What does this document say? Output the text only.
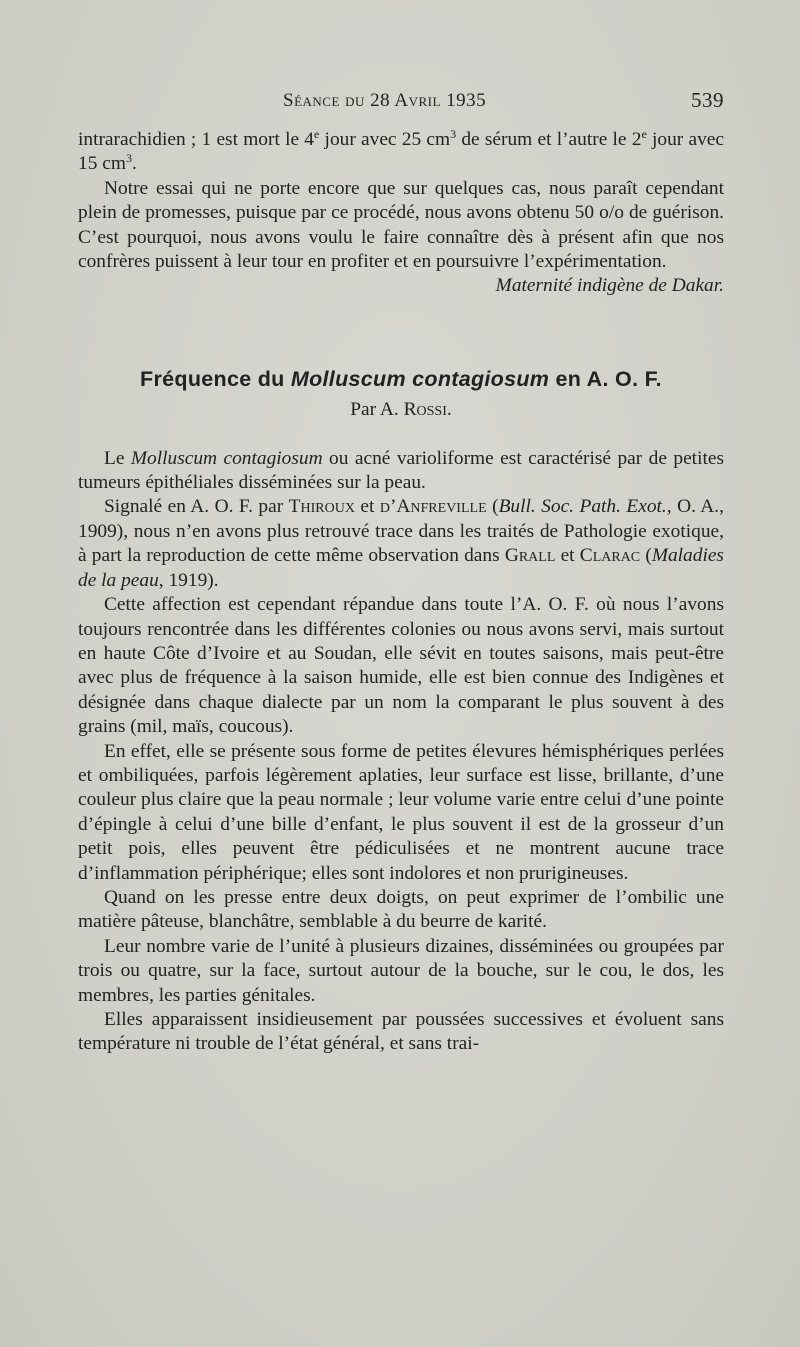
Séance du 28 Avril 1935	539

intrarachidien ; 1 est mort le 4e jour avec 25 $cm^3$ de sérum et l’autre le 2e jour avec 15 $cm^3$.

Notre essai qui ne porte encore que sur quelques cas, nous paraît cependant plein de promesses, puisque par ce procédé, nous avons obtenu 50 o/o de guérison. C’est pourquoi, nous avons voulu le faire connaître dès à présent afin que nos confrères puissent à leur tour en profiter et en poursuivre l’expérimentation.

Maternité indigène de Dakar.

Fréquence du Molluscum contagiosum en A. O. F.
Par A. Rossi.

Le Molluscum contagiosum ou acné varioliforme est caractérisé par de petites tumeurs épithéliales disséminées sur la peau.

Signalé en A. O. F. par Thiroux et d’Anfreville (Bull. Soc. Path. Exot., O. A., 1909), nous n’en avons plus retrouvé trace dans les traités de Pathologie exotique, à part la reproduction de cette même observation dans Grall et Clarac (Maladies de la peau, 1919).

Cette affection est cependant répandue dans toute l’A. O. F. où nous l’avons toujours rencontrée dans les différentes colonies ou nous avons servi, mais surtout en haute Côte d’Ivoire et au Soudan, elle sévit en toutes saisons, mais peut-être avec plus de fréquence à la saison humide, elle est bien connue des Indigènes et désignée dans chaque dialecte par un nom la comparant le plus souvent à des grains (mil, maïs, coucous).

En effet, elle se présente sous forme de petites élevures hémisphériques perlées et ombiliquées, parfois légèrement aplaties, leur surface est lisse, brillante, d’une couleur plus claire que la peau normale ; leur volume varie entre celui d’une pointe d’épingle à celui d’une bille d’enfant, le plus souvent il est de la grosseur d’un petit pois, elles peuvent être pédiculisées et ne montrent aucune trace d’inflammation périphérique; elles sont indolores et non prurigineuses.

Quand on les presse entre deux doigts, on peut exprimer de l’ombilic une matière pâteuse, blanchâtre, semblable à du beurre de karité.

Leur nombre varie de l’unité à plusieurs dizaines, disséminées ou groupées par trois ou quatre, sur la face, surtout autour de la bouche, sur le cou, le dos, les membres, les parties génitales.

Elles apparaissent insidieusement par poussées successives et évoluent sans température ni trouble de l’état général, et sans trai-
